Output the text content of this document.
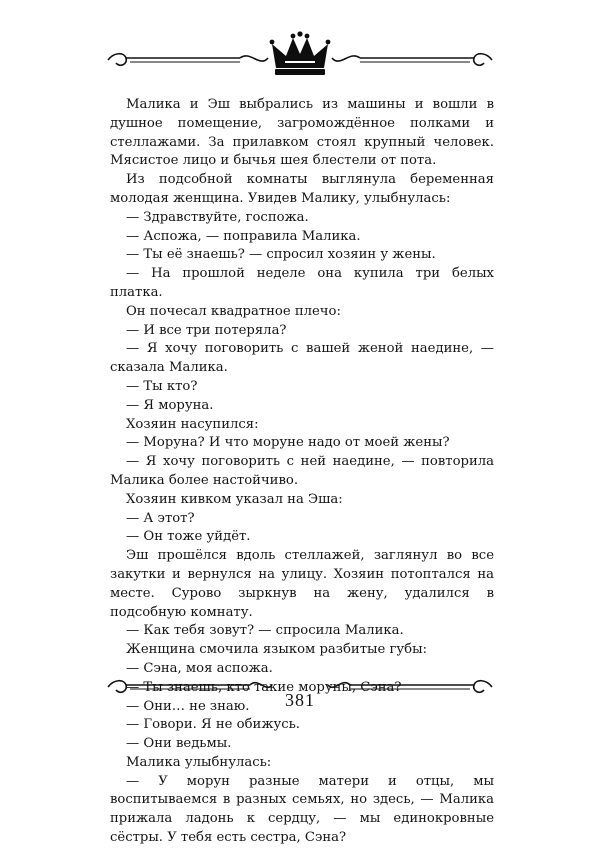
Малика и Эш выбрались из машины и вошли в душное помещение, загромождённое полками и стеллажами. За прилавком стоял крупный человек. Мясистое лицо и бычья шея блестели от пота.

Из подсобной комнаты выглянула беременная молодая женщина. Увидев Малику, улыбнулась:

— Здравствуйте, госпожа.

— Аспожа, — поправила Малика.

— Ты её знаешь? — спросил хозяин у жены.

— На прошлой неделе она купила три белых платка.

Он почесал квадратное плечо:

— И все три потеряла?

— Я хочу поговорить с вашей женой наедине, — сказала Малика.

— Ты кто?

— Я моруна.

Хозяин насупился:

— Моруна? И что моруне надо от моей жены?

— Я хочу поговорить с ней наедине, — повторила Малика более настойчиво.

Хозяин кивком указал на Эша:

— А этот?

— Он тоже уйдёт.

Эш прошёлся вдоль стеллажей, заглянул во все закутки и вернулся на улицу. Хозяин потоптался на месте. Сурово зыркнув на жену, удалился в подсобную комнату.

— Как тебя зовут? — спросила Малика.

Женщина смочила языком разбитые губы:

— Сэна, моя аспожа.

— Ты знаешь, кто такие моруны, Сэна?

— Они… не знаю.

— Говори. Я не обижусь.

— Они ведьмы.

Малика улыбнулась:

— У морун разные матери и отцы, мы воспитываемся в разных семьях, но здесь, — Малика прижала ладонь к сердцу, — мы единокровные сёстры. У тебя есть сестра, Сэна?

381
